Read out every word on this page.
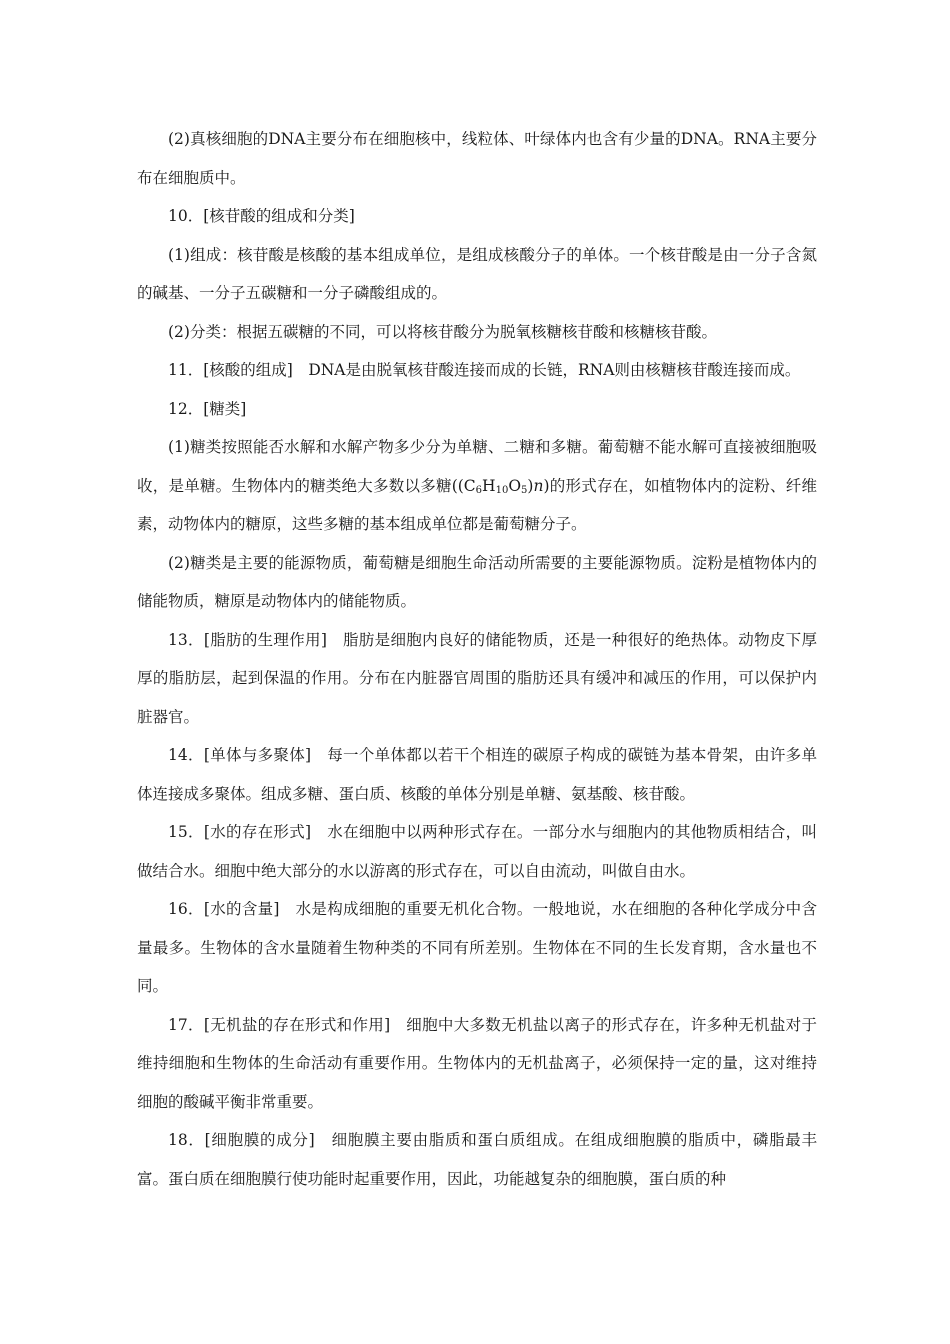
(2)真核细胞的DNA主要分布在细胞核中，线粒体、叶绿体内也含有少量的DNA。RNA主要分布在细胞质中。

10．[核苷酸的组成和分类]

(1)组成：核苷酸是核酸的基本组成单位，是组成核酸分子的单体。一个核苷酸是由一分子含氮的碱基、一分子五碳糖和一分子磷酸组成的。

(2)分类：根据五碳糖的不同，可以将核苷酸分为脱氧核糖核苷酸和核糖核苷酸。

11．[核酸的组成]　DNA是由脱氧核苷酸连接而成的长链，RNA则由核糖核苷酸连接而成。

12．[糖类]

(1)糖类按照能否水解和水解产物多少分为单糖、二糖和多糖。葡萄糖不能水解可直接被细胞吸收，是单糖。生物体内的糖类绝大多数以多糖$((C_6H_{10}O_5)n)$的形式存在，如植物体内的淀粉、纤维素，动物体内的糖原，这些多糖的基本组成单位都是葡萄糖分子。

(2)糖类是主要的能源物质，葡萄糖是细胞生命活动所需要的主要能源物质。淀粉是植物体内的储能物质，糖原是动物体内的储能物质。

13．[脂肪的生理作用]　脂肪是细胞内良好的储能物质，还是一种很好的绝热体。动物皮下厚厚的脂肪层，起到保温的作用。分布在内脏器官周围的脂肪还具有缓冲和减压的作用，可以保护内脏器官。

14．[单体与多聚体]　每一个单体都以若干个相连的碳原子构成的碳链为基本骨架，由许多单体连接成多聚体。组成多糖、蛋白质、核酸的单体分别是单糖、氨基酸、核苷酸。

15．[水的存在形式]　水在细胞中以两种形式存在。一部分水与细胞内的其他物质相结合，叫做结合水。细胞中绝大部分的水以游离的形式存在，可以自由流动，叫做自由水。

16．[水的含量]　水是构成细胞的重要无机化合物。一般地说，水在细胞的各种化学成分中含量最多。生物体的含水量随着生物种类的不同有所差别。生物体在不同的生长发育期，含水量也不同。

17．[无机盐的存在形式和作用]　细胞中大多数无机盐以离子的形式存在，许多种无机盐对于维持细胞和生物体的生命活动有重要作用。生物体内的无机盐离子，必须保持一定的量，这对维持细胞的酸碱平衡非常重要。

18．[细胞膜的成分]　细胞膜主要由脂质和蛋白质组成。在组成细胞膜的脂质中，磷脂最丰富。蛋白质在细胞膜行使功能时起重要作用，因此，功能越复杂的细胞膜，蛋白质的种
